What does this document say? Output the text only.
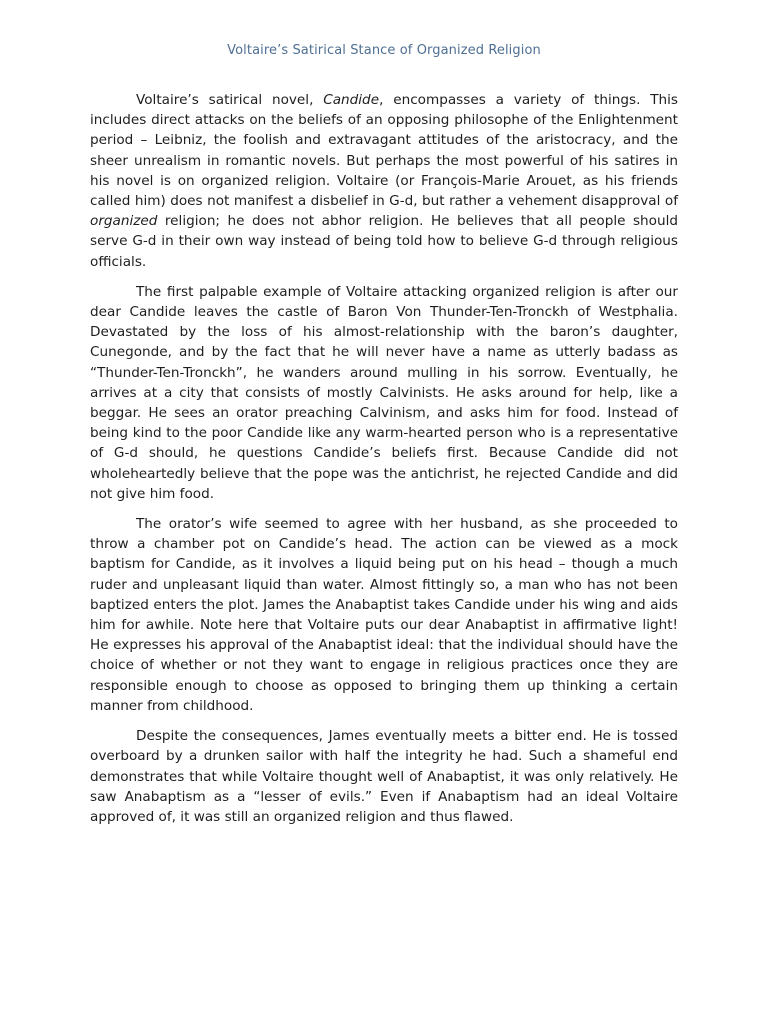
Voltaire’s Satirical Stance of Organized Religion

Voltaire’s satirical novel, Candide, encompasses a variety of things. This includes direct attacks on the beliefs of an opposing philosophe of the Enlightenment period – Leibniz, the foolish and extravagant attitudes of the aristocracy, and the sheer unrealism in romantic novels. But perhaps the most powerful of his satires in his novel is on organized religion. Voltaire (or François-Marie Arouet, as his friends called him) does not manifest a disbelief in G-d, but rather a vehement disapproval of organized religion; he does not abhor religion. He believes that all people should serve G-d in their own way instead of being told how to believe G-d through religious officials.

The first palpable example of Voltaire attacking organized religion is after our dear Candide leaves the castle of Baron Von Thunder-Ten-Tronckh of Westphalia. Devastated by the loss of his almost-relationship with the baron’s daughter, Cunegonde, and by the fact that he will never have a name as utterly badass as “Thunder-Ten-Tronckh”, he wanders around mulling in his sorrow. Eventually, he arrives at a city that consists of mostly Calvinists. He asks around for help, like a beggar. He sees an orator preaching Calvinism, and asks him for food. Instead of being kind to the poor Candide like any warm-hearted person who is a representative of G-d should, he questions Candide’s beliefs first. Because Candide did not wholeheartedly believe that the pope was the antichrist, he rejected Candide and did not give him food.

The orator’s wife seemed to agree with her husband, as she proceeded to throw a chamber pot on Candide’s head. The action can be viewed as a mock baptism for Candide, as it involves a liquid being put on his head – though a much ruder and unpleasant liquid than water. Almost fittingly so, a man who has not been baptized enters the plot. James the Anabaptist takes Candide under his wing and aids him for awhile. Note here that Voltaire puts our dear Anabaptist in affirmative light! He expresses his approval of the Anabaptist ideal: that the individual should have the choice of whether or not they want to engage in religious practices once they are responsible enough to choose as opposed to bringing them up thinking a certain manner from childhood.

Despite the consequences, James eventually meets a bitter end. He is tossed overboard by a drunken sailor with half the integrity he had. Such a shameful end demonstrates that while Voltaire thought well of Anabaptist, it was only relatively. He saw Anabaptism as a “lesser of evils.” Even if Anabaptism had an ideal Voltaire approved of, it was still an organized religion and thus flawed.
